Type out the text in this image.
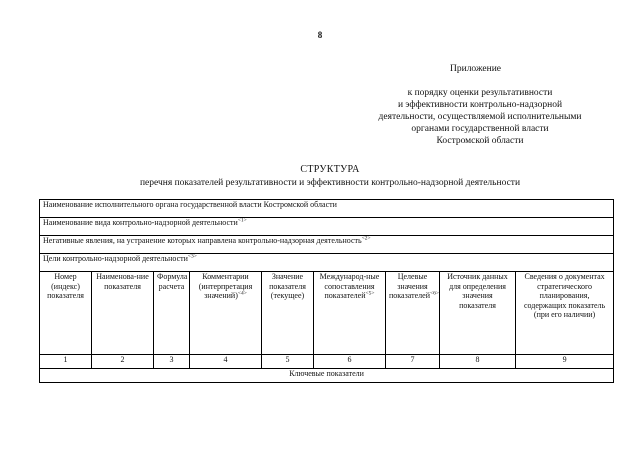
8
Приложение
к порядку оценки результативности
и эффективности контрольно-надзорной
деятельности, осуществляемой исполнительными
органами государственной власти
Костромской области
СТРУКТУРА
перечня показателей результативности и эффективности контрольно-надзорной деятельности
Наименование исполнительного органа государственной власти Костромской области								
Наименование вида контрольно-надзорной деятельности$^{<1>}$
Негативные явления, на устранение которых направлена контрольно-надзорная деятельность$^{<2>}$
Цели контрольно-надзорной деятельности$^{<3>}$
Номер (индекс) показателя	Наименова-ние показателя	Формула расчета	Комментарии (интерпретация значений)$^{<4>}$	Значение показателя (текущее)	Международ-ные сопоставления показателей$^{<5>}$	Целевые значения показателей$^{<6>}$	Источник данных для определения значения показателя	Сведения о документах стратегического планирования, содержащих показатель (при его наличии)
1	2	3	4	5	6	7	8	9
Ключевые показатели								
